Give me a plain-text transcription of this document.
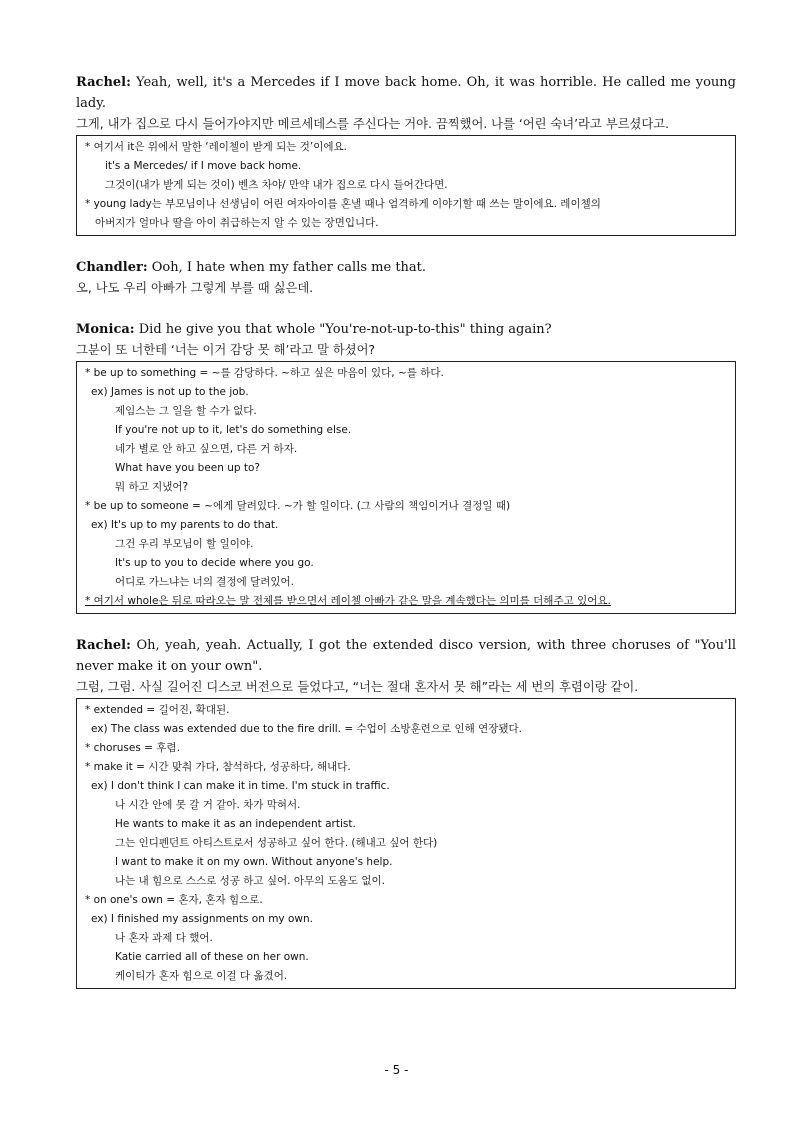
Rachel: Yeah, well, it's a Mercedes if I move back home. Oh, it was horrible. He called me young lady.

그게, 내가 집으로 다시 들어가야지만 메르세데스를 주신다는 거야. 끔찍했어. 나를 ‘어린 숙녀’라고 부르셨다고.

* 여기서 it은 위에서 말한 ‘레이첼이 받게 되는 것’이에요.

it's a Mercedes/ if I move back home.

그것이(내가 받게 되는 것이) 벤츠 차야/ 만약 내가 집으로 다시 들어간다면.

* young lady는 부모님이나 선생님이 어린 여자아이를 혼낼 때나 엄격하게 이야기할 때 쓰는 말이에요. 레이첼의

아버지가 얼마나 딸을 아이 취급하는지 알 수 있는 장면입니다.

Chandler: Ooh, I hate when my father calls me that.

오, 나도 우리 아빠가 그렇게 부를 때 싫은데.

Monica: Did he give you that whole "You're-not-up-to-this" thing again?

그분이 또 너한테 ‘너는 이거 감당 못 해’라고 말 하셨어?

* be up to something = ~를 감당하다. ~하고 싶은 마음이 있다, ~를 하다.

ex) James is not up to the job.

제임스는 그 일을 할 수가 없다.

If you're not up to it, let's do something else.

네가 별로 안 하고 싶으면, 다른 거 하자.

What have you been up to?

뭐 하고 지냈어?

* be up to someone = ~에게 달려있다. ~가 할 일이다. (그 사람의 책임이거나 결정일 때)

ex) It's up to my parents to do that.

그건 우리 부모님이 할 일이야.

It's up to you to decide where you go.

어디로 가느냐는 너의 결정에 달려있어.

* 여기서 whole은 뒤로 따라오는 말 전체를 받으면서 레이첼 아빠가 같은 말을 계속했다는 의미를 더해주고 있어요.

Rachel: Oh, yeah, yeah. Actually, I got the extended disco version, with three choruses of "You'll never make it on your own".

그럼, 그럼. 사실 길어진 디스코 버전으로 들었다고, “너는 절대 혼자서 못 해”라는 세 번의 후렴이랑 같이.

* extended = 길어진, 확대된.

ex) The class was extended due to the fire drill. = 수업이 소방훈련으로 인해 연장됐다.

* choruses = 후렴.

* make it = 시간 맞춰 가다, 참석하다, 성공하다, 해내다.

ex) I don't think I can make it in time. I'm stuck in traffic.

나 시간 안에 못 갈 거 같아. 차가 막혀서.

He wants to make it as an independent artist.

그는 인디펜던트 아티스트로서 성공하고 싶어 한다. (해내고 싶어 한다)

I want to make it on my own. Without anyone's help.

나는 내 힘으로 스스로 성공 하고 싶어. 아무의 도움도 없이.

* on one's own = 혼자, 혼자 힘으로.

ex) I finished my assignments on my own.

나 혼자 과제 다 했어.

Katie carried all of these on her own.

케이티가 혼자 힘으로 이걸 다 옮겼어.

- 5 -
